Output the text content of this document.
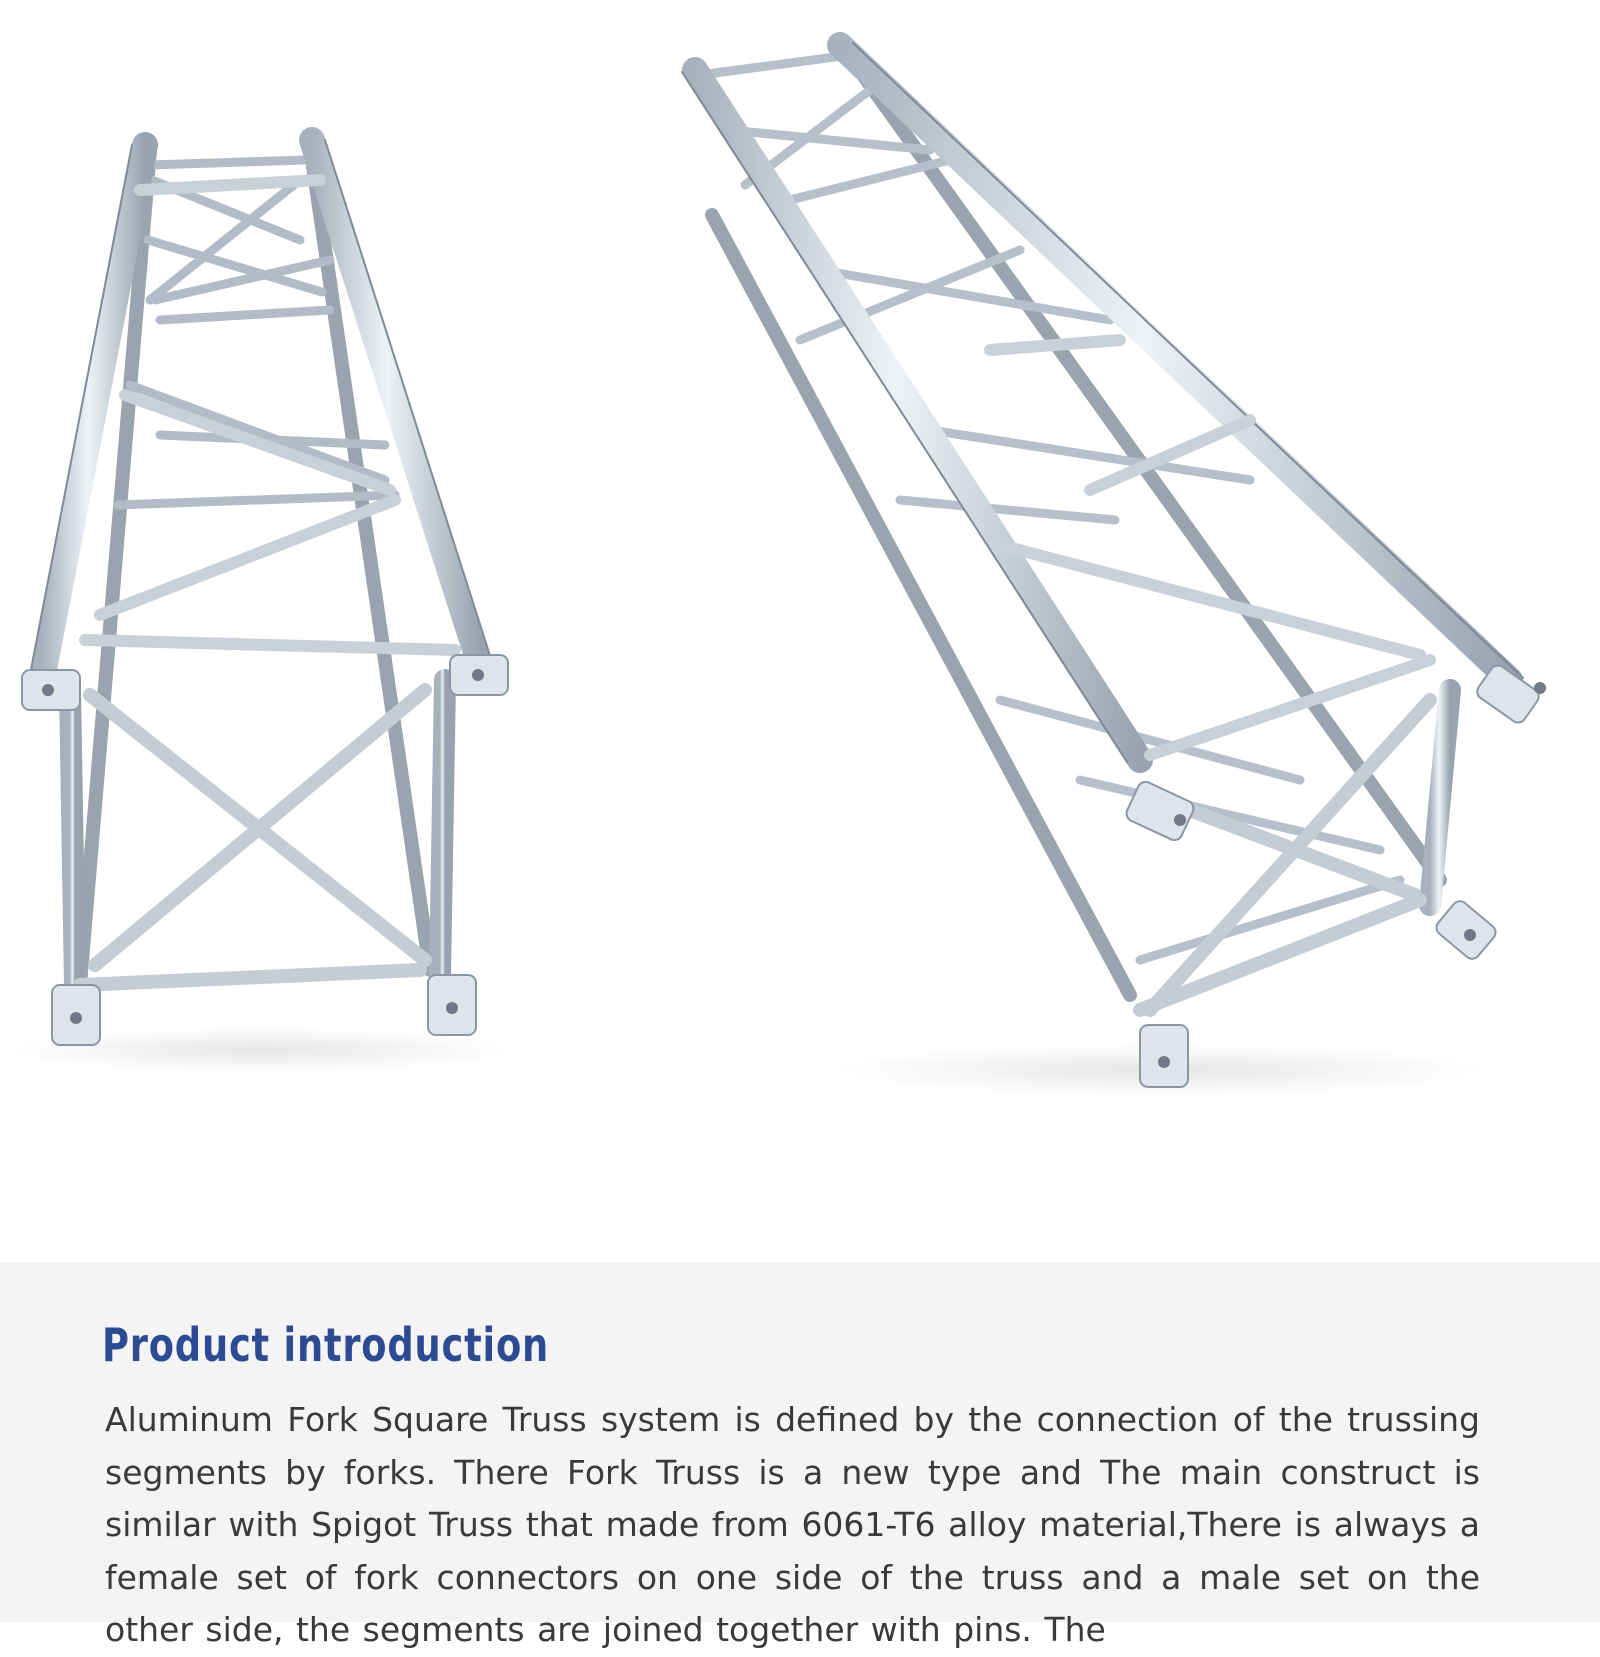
Product introduction

Aluminum Fork Square Truss system is defined by the connection of the trussing segments by forks. There Fork Truss is a new type and The main construct is similar with Spigot Truss that made from 6061-T6 alloy material,There is always a female set of fork connectors on one side of the truss and a male set on the other side, the segments are joined together with pins. The
